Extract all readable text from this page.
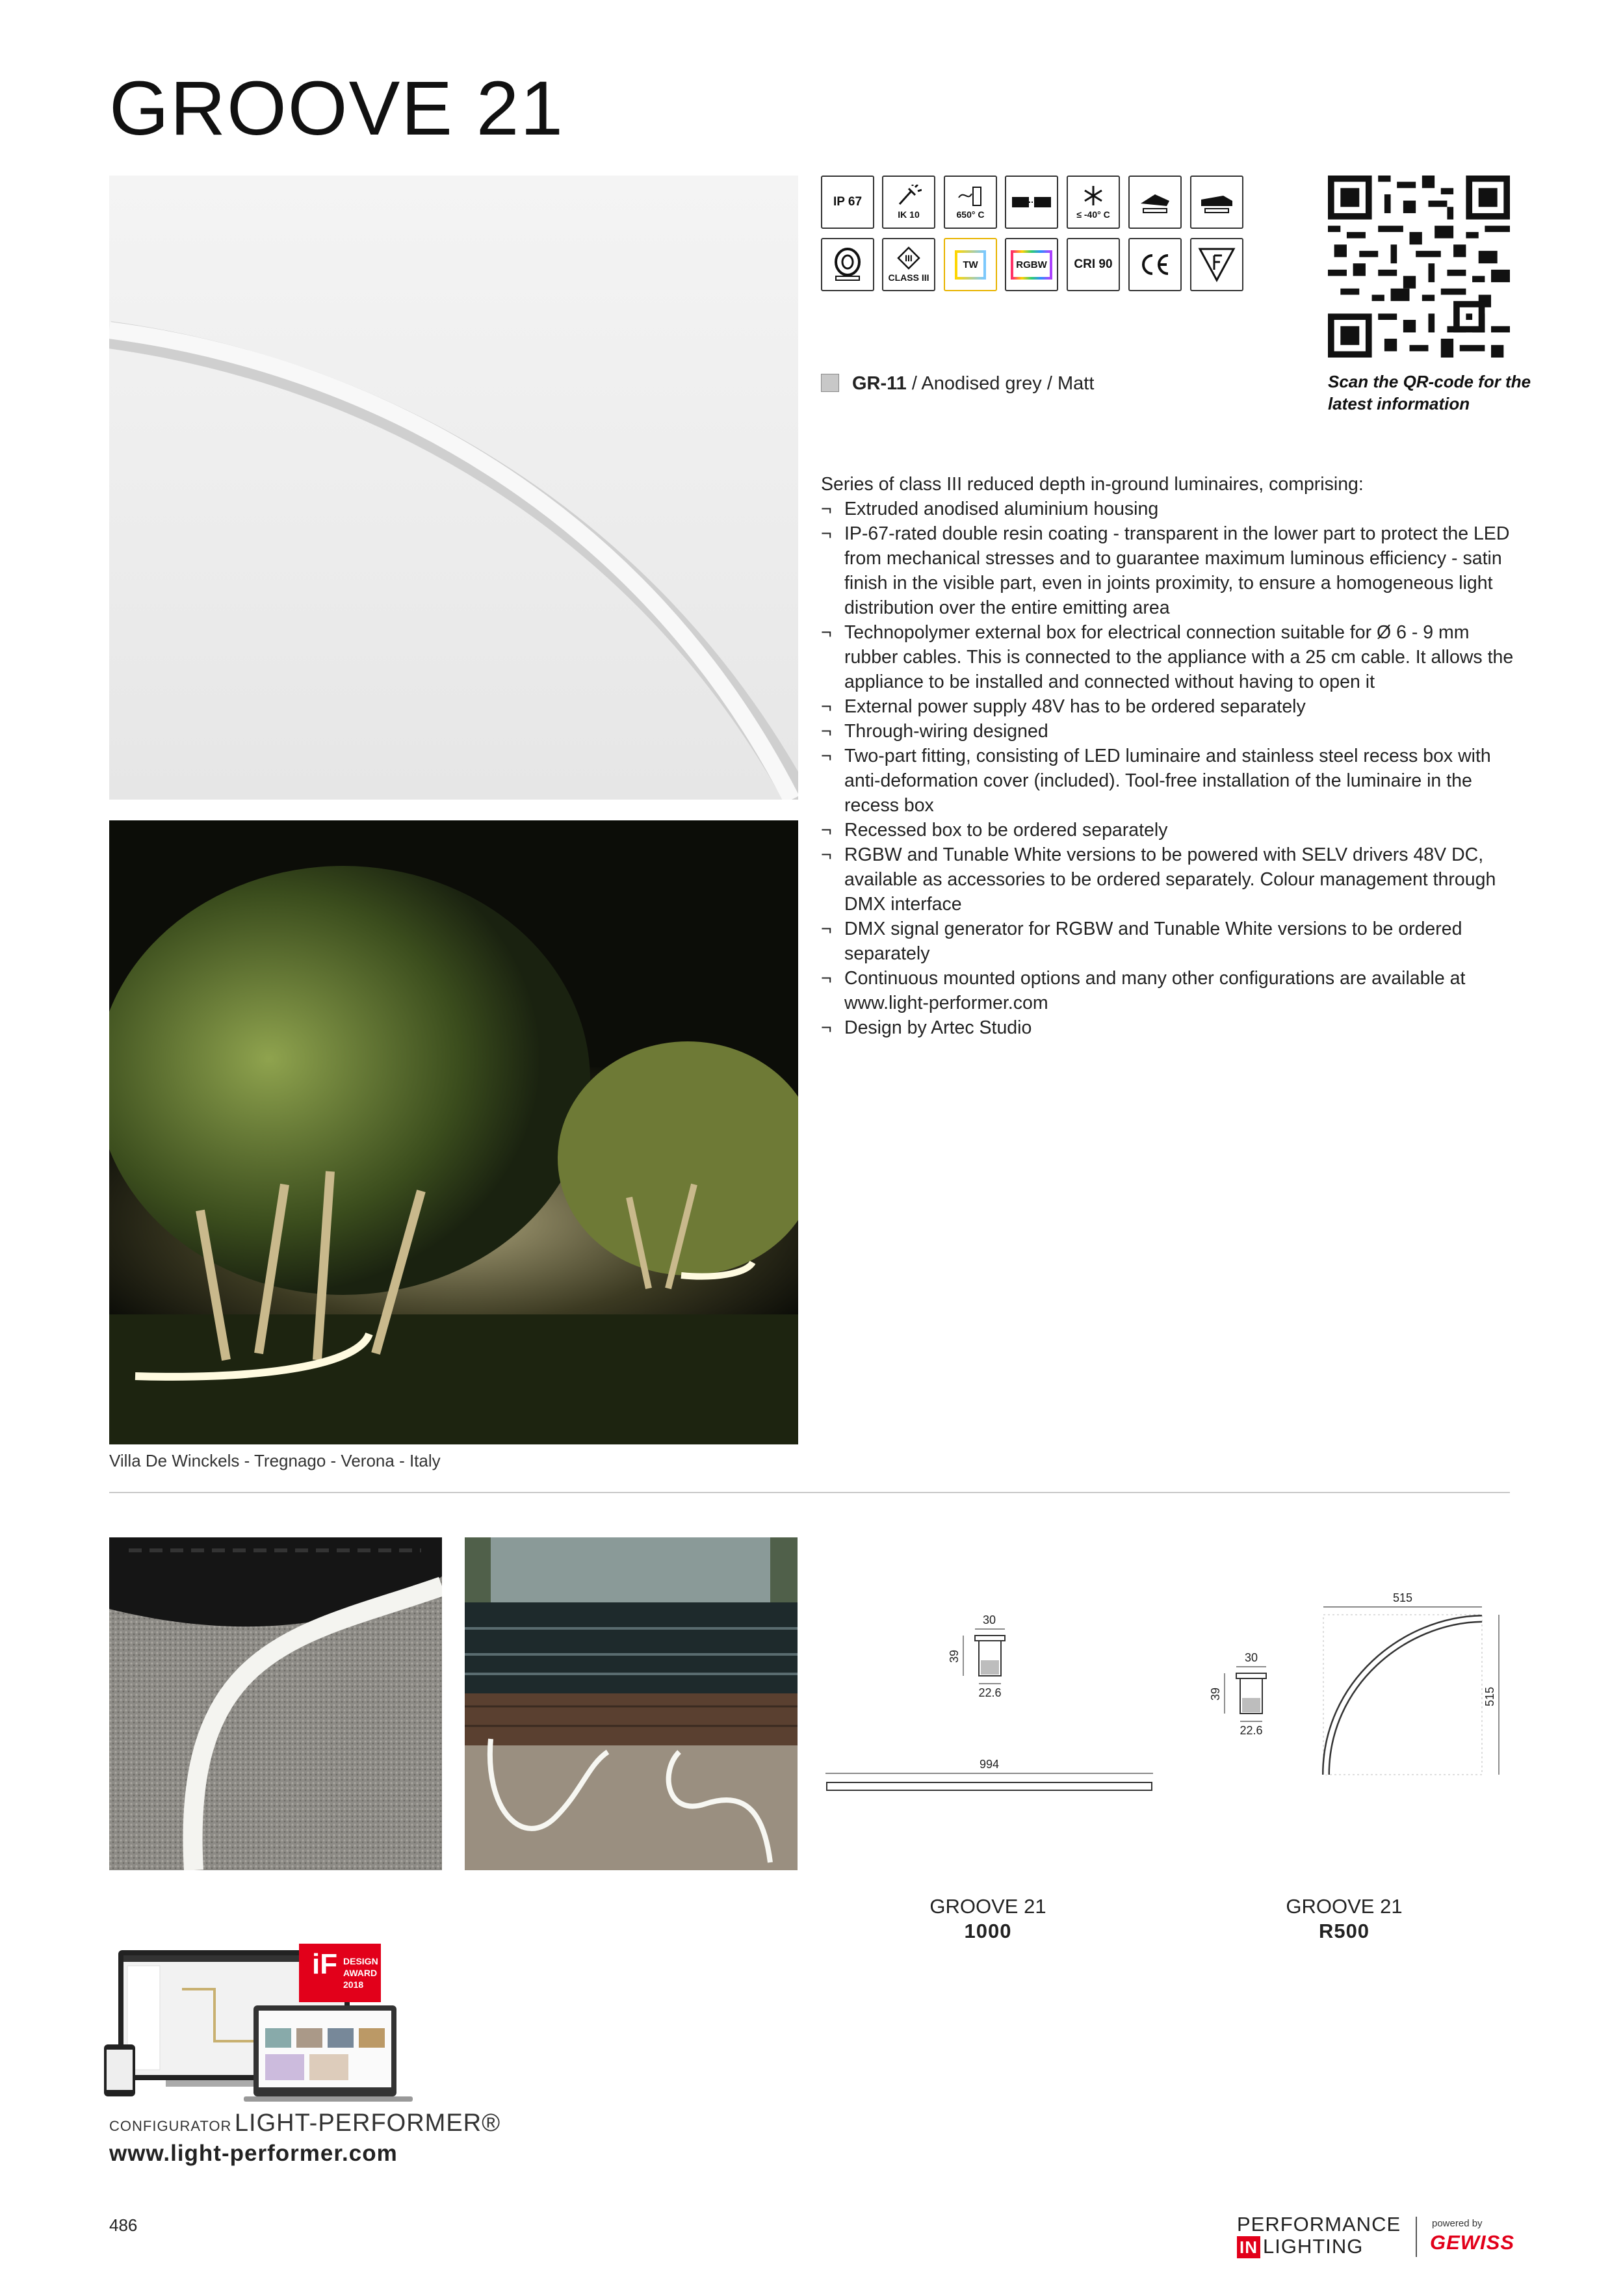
GROOVE 21
IP 67
IK 10	650° C	≤ -40° C
III
CLASS III
TW	RGBW	CRI 90
Scan the QR-code for the latest information
GR-11 / Anodised grey / Matt
Series of class III reduced depth in-ground luminaires, comprising:
¬ Extruded anodised aluminium housing
¬ IP-67-rated double resin coating - transparent in the lower part to protect the LED from mechanical stresses and to guarantee maximum luminous efficiency - satin finish in the visible part, even in joints proximity, to ensure a homogeneous light distribution over the entire emitting area
¬ Technopolymer external box for electrical connection suitable for Ø 6 - 9 mm rubber cables. This is connected to the appliance with a 25 cm cable. It allows the appliance to be installed and connected without having to open it
¬ External power supply 48V has to be ordered separately
¬ Through-wiring designed
¬ Two-part fitting, consisting of LED luminaire and stainless steel recess box with anti-deformation cover (included). Tool-free installation of the luminaire in the recess box
¬ Recessed box to be ordered separately
¬ RGBW and Tunable White versions to be powered with SELV drivers 48V DC, available as accessories to be ordered separately. Colour management through DMX interface
¬ DMX signal generator for RGBW and Tunable White versions to be ordered separately
¬ Continuous mounted options and many other configurations are available at www.light-performer.com
¬ Design by Artec Studio
Villa De Winckels - Tregnago - Verona - Italy
30
39
22.6
994
515
515
30
39
22.6
GROOVE 21
1000
GROOVE 21
R500
iF DESIGN
AWARD
2018
CONFIGURATOR LIGHT-PERFORMER®
www.light-performer.com
486	PERFORMANCE
IN LIGHTING
powered by
GEWISS
